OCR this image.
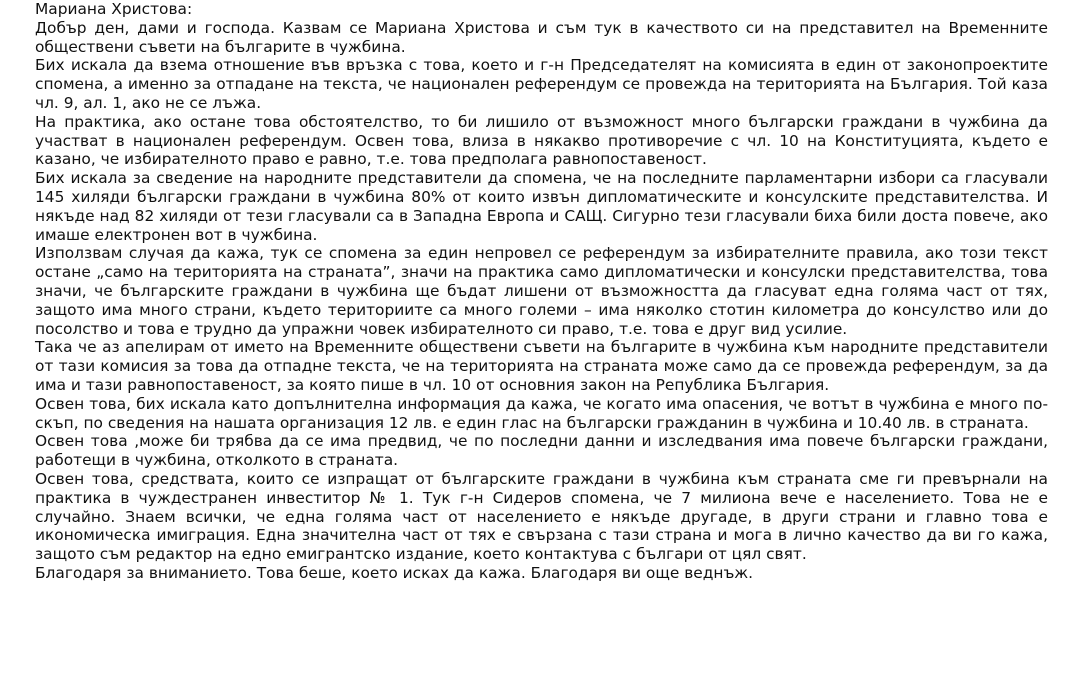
Мариана Христова:

Добър ден, дами и господа. Казвам се Мариана Христова и съм тук в качеството си на представител на Временните обществени съвети на българите в чужбина.

Бих искала да взема отношение във връзка с това, което и г-н Председателят на комисията в един от законопроектите спомена, а именно за отпадане на текста, че национален референдум се провежда на територията на България. Той каза чл. 9, ал. 1, ако не се лъжа.

На практика, ако остане това обстоятелство, то би лишило от възможност много български граждани в чужбина да участват в национален референдум. Освен това, влиза в някакво противоречие с чл. 10 на Конституцията, където е казано, че избирателното право е равно, т.е. това предполага равнопоставеност.

Бих искала за сведение на народните представители да спомена, че на последните парламентарни избори са гласували 145 хиляди български граждани в чужбина 80% от които извън дипломатическите и консулските представителства. И някъде над 82 хиляди от тези гласували са в Западна Европа и САЩ. Сигурно тези гласували биха били доста повече, ако имаше електронен вот в чужбина.

Използвам случая да кажа, тук се спомена за един непровел се референдум за избирателните правила, ако този текст остане „само на територията на страната”, значи на практика само дипломатически и консулски представителства, това значи, че българските граждани в чужбина ще бъдат лишени от възможността да гласуват една голяма част от тях, защото има много страни, където териториите са много големи – има няколко стотин километра до консулство или до посолство и това е трудно да упражни човек избирателното си право, т.е. това е друг вид усилие.

Така че аз апелирам от името на Временните обществени съвети на българите в чужбина към народните представители от тази комисия за това да отпадне текста, че на територията на страната може само да се провежда референдум, за да има и тази равнопоставеност, за която пише в чл. 10 от основния закон на Република България.

Освен това, бих искала като допълнителна информация да кажа, че когато има опасения, че вотът в чужбина е много по-скъп, по сведения на нашата организация 12 лв. е един глас на български гражданин в чужбина и 10.40 лв. в страната.

Освен това ,може би трябва да се има предвид, че по последни данни и изследвания има повече български граждани, работещи в чужбина, отколкото в страната.

Освен това, средствата, които се изпращат от българските граждани в чужбина към страната сме ги превърнали на практика в чуждестранен инвеститор № 1. Тук г-н Сидеров спомена, че 7 милиона вече е населението. Това не е случайно. Знаем всички, че една голяма част от населението е някъде другаде, в други страни и главно това е икономическа имиграция. Една значителна част от тях е свързана с тази страна и мога в лично качество да ви го кажа, защото съм редактор на едно емигрантско издание, което контактува с българи от цял свят.

Благодаря за вниманието. Това беше, което исках да кажа. Благодаря ви още веднъж.
